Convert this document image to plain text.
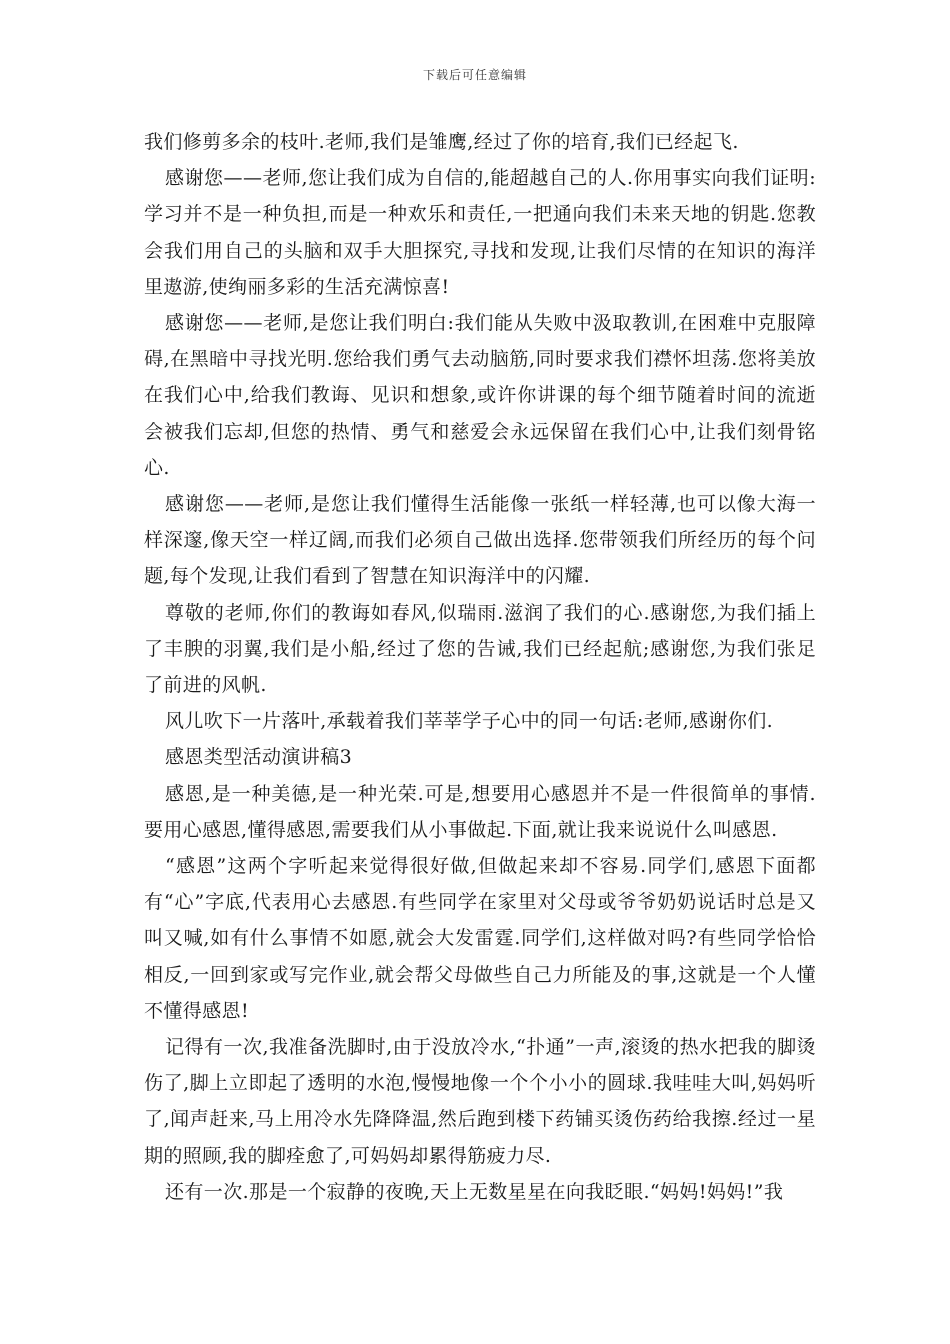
下载后可任意编辑

我们修剪多余的枝叶.老师,我们是雏鹰,经过了你的培育,我们已经起飞.

感谢您——老师,您让我们成为自信的,能超越自己的人.你用事实向我们证明:学习并不是一种负担,而是一种欢乐和责任,一把通向我们未来天地的钥匙.您教会我们用自己的头脑和双手大胆探究,寻找和发现,让我们尽情的在知识的海洋里遨游,使绚丽多彩的生活充满惊喜!

感谢您——老师,是您让我们明白:我们能从失败中汲取教训,在困难中克服障碍,在黑暗中寻找光明.您给我们勇气去动脑筋,同时要求我们襟怀坦荡.您将美放在我们心中,给我们教诲、见识和想象,或许你讲课的每个细节随着时间的流逝会被我们忘却,但您的热情、勇气和慈爱会永远保留在我们心中,让我们刻骨铭心.

感谢您——老师,是您让我们懂得生活能像一张纸一样轻薄,也可以像大海一样深邃,像天空一样辽阔,而我们必须自己做出选择.您带领我们所经历的每个问题,每个发现,让我们看到了智慧在知识海洋中的闪耀.

尊敬的老师,你们的教诲如春风,似瑞雨.滋润了我们的心.感谢您,为我们插上了丰腴的羽翼,我们是小船,经过了您的告诫,我们已经起航;感谢您,为我们张足了前进的风帆.

风儿吹下一片落叶,承载着我们莘莘学子心中的同一句话:老师,感谢你们.

感恩类型活动演讲稿3

感恩,是一种美德,是一种光荣.可是,想要用心感恩并不是一件很简单的事情.要用心感恩,懂得感恩,需要我们从小事做起.下面,就让我来说说什么叫感恩.

“感恩”这两个字听起来觉得很好做,但做起来却不容易.同学们,感恩下面都有“心”字底,代表用心去感恩.有些同学在家里对父母或爷爷奶奶说话时总是又叫又喊,如有什么事情不如愿,就会大发雷霆.同学们,这样做对吗?有些同学恰恰相反,一回到家或写完作业,就会帮父母做些自己力所能及的事,这就是一个人懂不懂得感恩!

记得有一次,我准备洗脚时,由于没放冷水,“扑通”一声,滚烫的热水把我的脚烫伤了,脚上立即起了透明的水泡,慢慢地像一个个小小的圆球.我哇哇大叫,妈妈听了,闻声赶来,马上用冷水先降降温,然后跑到楼下药铺买烫伤药给我擦.经过一星期的照顾,我的脚痊愈了,可妈妈却累得筋疲力尽.

还有一次.那是一个寂静的夜晚,天上无数星星在向我眨眼.“妈妈!妈妈!”我
